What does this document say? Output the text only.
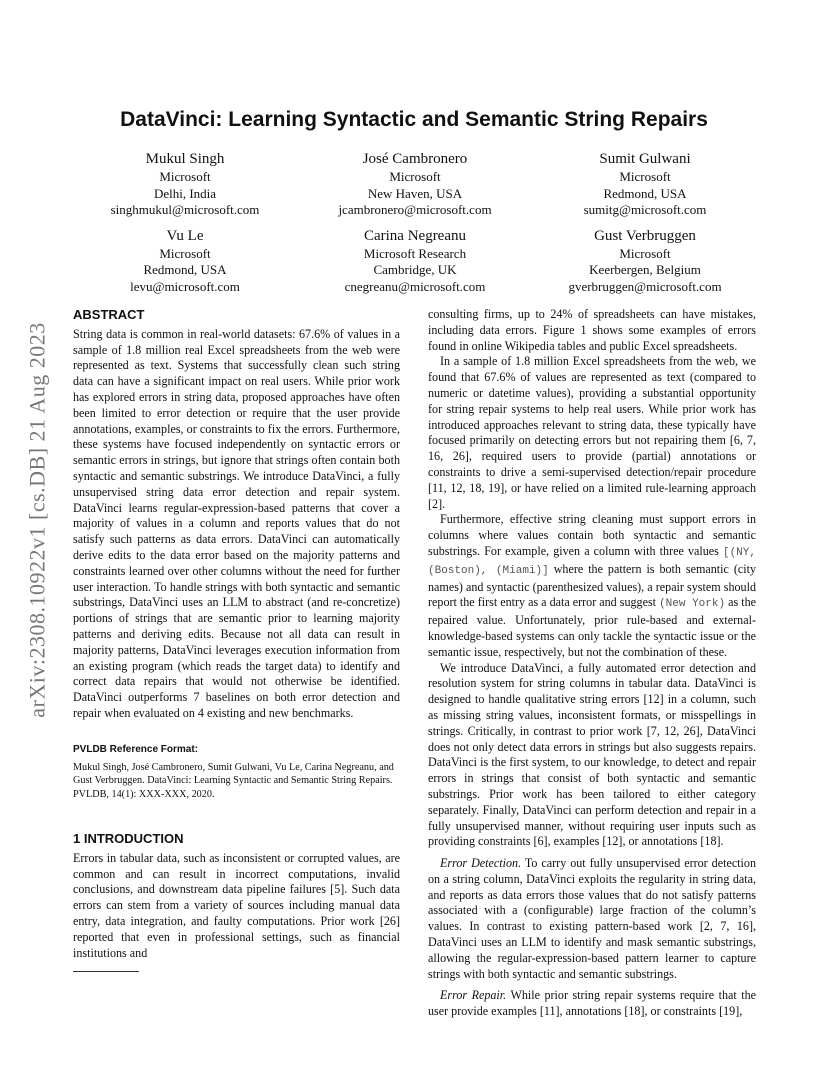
arXiv:2308.10922v1 [cs.DB] 21 Aug 2023
DataVinci: Learning Syntactic and Semantic String Repairs
Mukul Singh
Microsoft
Delhi, India
singhmukul@microsoft.com
José Cambronero
Microsoft
New Haven, USA
jcambronero@microsoft.com
Sumit Gulwani
Microsoft
Redmond, USA
sumitg@microsoft.com
Vu Le
Microsoft
Redmond, USA
levu@microsoft.com
Carina Negreanu
Microsoft Research
Cambridge, UK
cnegreanu@microsoft.com
Gust Verbruggen
Microsoft
Keerbergen, Belgium
gverbruggen@microsoft.com
ABSTRACT

String data is common in real-world datasets: 67.6% of values in a sample of 1.8 million real Excel spreadsheets from the web were represented as text. Systems that successfully clean such string data can have a significant impact on real users. While prior work has explored errors in string data, proposed approaches have often been limited to error detection or require that the user provide annotations, examples, or constraints to fix the errors. Furthermore, these systems have focused independently on syntactic errors or semantic errors in strings, but ignore that strings often contain both syntactic and semantic substrings. We introduce DataVinci, a fully unsupervised string data error detection and repair system. DataVinci learns regular-expression-based patterns that cover a majority of values in a column and reports values that do not satisfy such patterns as data errors. DataVinci can automatically derive edits to the data error based on the majority patterns and constraints learned over other columns without the need for further user interaction. To handle strings with both syntactic and semantic substrings, DataVinci uses an LLM to abstract (and re-concretize) portions of strings that are semantic prior to learning majority patterns and deriving edits. Because not all data can result in majority patterns, DataVinci leverages execution information from an existing program (which reads the target data) to identify and correct data repairs that would not otherwise be identified. DataVinci outperforms 7 baselines on both error detection and repair when evaluated on 4 existing and new benchmarks.

PVLDB Reference Format:

Mukul Singh, José Cambronero, Sumit Gulwani, Vu Le, Carina Negreanu, and Gust Verbruggen. DataVinci: Learning Syntactic and Semantic String Repairs. PVLDB, 14(1): XXX-XXX, 2020.

1 INTRODUCTION

Errors in tabular data, such as inconsistent or corrupted values, are common and can result in incorrect computations, invalid conclusions, and downstream data pipeline failures [5]. Such data errors can stem from a variety of sources including manual data entry, data integration, and faulty computations. Prior work [26] reported that even in professional settings, such as financial institutions and

consulting firms, up to 24% of spreadsheets can have mistakes, including data errors. Figure 1 shows some examples of errors found in online Wikipedia tables and public Excel spreadsheets.

In a sample of 1.8 million Excel spreadsheets from the web, we found that 67.6% of values are represented as text (compared to numeric or datetime values), providing a substantial opportunity for string repair systems to help real users. While prior work has introduced approaches relevant to string data, these typically have focused primarily on detecting errors but not repairing them [6, 7, 16, 26], required users to provide (partial) annotations or constraints to drive a semi-supervised detection/repair procedure [11, 12, 18, 19], or have relied on a limited rule-learning approach [2].

Furthermore, effective string cleaning must support errors in columns where values contain both syntactic and semantic substrings. For example, given a column with three values [(NY, (Boston), (Miami)] where the pattern is both semantic (city names) and syntactic (parenthesized values), a repair system should report the first entry as a data error and suggest (New York) as the repaired value. Unfortunately, prior rule-based and external-knowledge-based systems can only tackle the syntactic issue or the semantic issue, respectively, but not the combination of these.

We introduce DataVinci, a fully automated error detection and resolution system for string columns in tabular data. DataVinci is designed to handle qualitative string errors [12] in a column, such as missing string values, inconsistent formats, or misspellings in strings. Critically, in contrast to prior work [7, 12, 26], DataVinci does not only detect data errors in strings but also suggests repairs. DataVinci is the first system, to our knowledge, to detect and repair errors in strings that consist of both syntactic and semantic substrings. Prior work has been tailored to either category separately. Finally, DataVinci can perform detection and repair in a fully unsupervised manner, without requiring user inputs such as providing constraints [6], examples [12], or annotations [18].

Error Detection. To carry out fully unsupervised error detection on a string column, DataVinci exploits the regularity in string data, and reports as data errors those values that do not satisfy patterns associated with a (configurable) large fraction of the column’s values. In contrast to existing pattern-based work [2, 7, 16], DataVinci uses an LLM to identify and mask semantic substrings, allowing the regular-expression-based pattern learner to capture strings with both syntactic and semantic substrings.

Error Repair. While prior string repair systems require that the user provide examples [11], annotations [18], or constraints [19],
